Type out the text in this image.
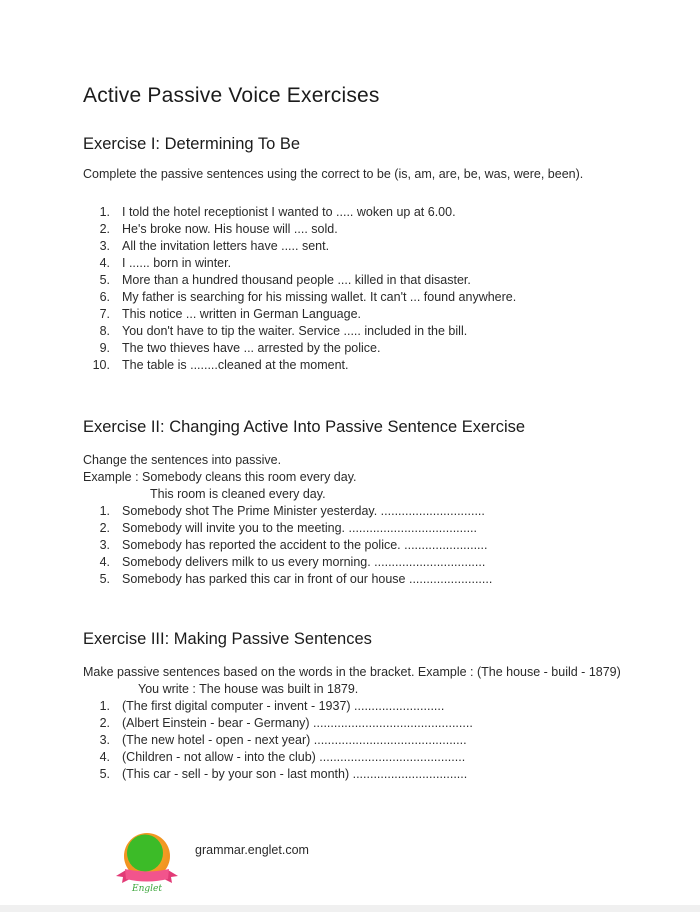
Active Passive Voice Exercises
Exercise I: Determining To Be

Complete the passive sentences using the correct to be (is, am, are, be, was, were, been).

1. I told the hotel receptionist I wanted to ..... woken up at 6.00.
2. He's broke now. His house will .... sold.
3. All the invitation letters have ..... sent.
4. I ...... born in winter.
5. More than a hundred thousand people .... killed in that disaster.
6. My father is searching for his missing wallet. It can't ... found anywhere.
7. This notice ... written in German Language.
8. You don't have to tip the waiter. Service ..... included in the bill.
9. The two thieves have ... arrested by the police.
10. The table is ........cleaned at the moment.
Exercise II: Changing Active Into Passive Sentence Exercise

Change the sentences into passive.

Example : Somebody cleans this room every day.

This room is cleaned every day.

1. Somebody shot The Prime Minister yesterday. ..............................
2. Somebody will invite you to the meeting. .....................................
3. Somebody has reported the accident to the police. ........................
4. Somebody delivers milk to us every morning. ................................
5. Somebody has parked this car in front of our house ........................
Exercise III: Making Passive Sentences

Make passive sentences based on the words in the bracket. Example : (The house - build - 1879)

You write : The house was built in 1879.

1. (The first digital computer - invent - 1937) ..........................
2. (Albert Einstein - bear - Germany) ..............................................
3. (The new hotel - open - next year) ............................................
4. (Children - not allow - into the club) ..........................................
5. (This car - sell - by your son - last month) .................................
Englet
grammar.englet.com
